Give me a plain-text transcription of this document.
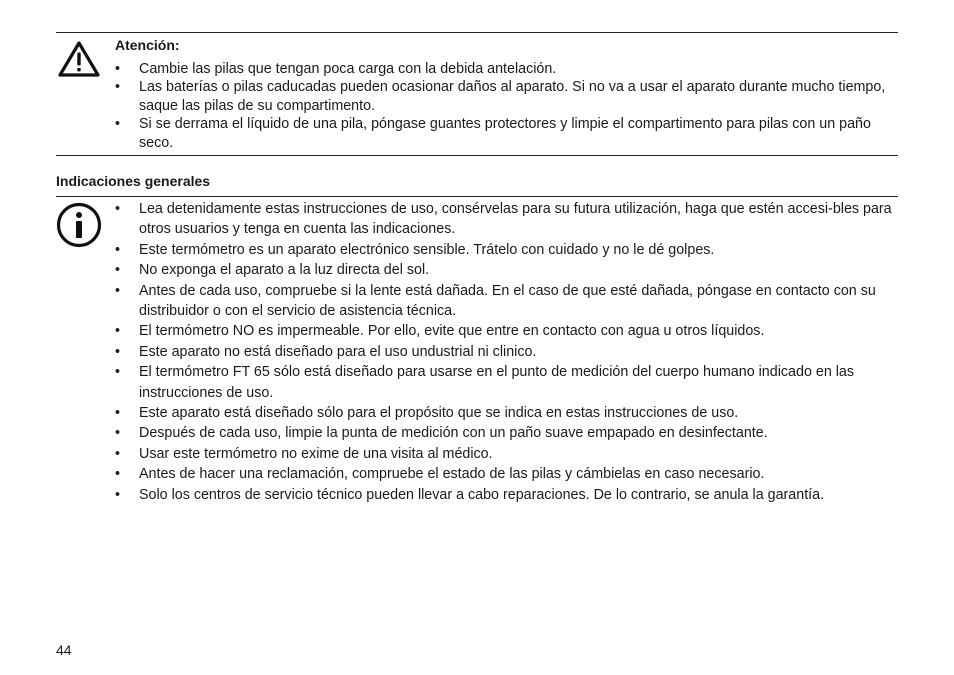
Atención:
• Cambie las pilas que tengan poca carga con la debida antelación.
• Las baterías o pilas caducadas pueden ocasionar daños al aparato. Si no va a usar el aparato durante mucho tiempo, saque las pilas de su compartimento.
• Si se derrama el líquido de una pila, póngase guantes protectores y limpie el compartimento para pilas con un paño seco.
Indicaciones generales
• Lea detenidamente estas instrucciones de uso, consérvelas para su futura utilización, haga que estén accesi-bles para otros usuarios y tenga en cuenta las indicaciones.
• Este termómetro es un aparato electrónico sensible. Trátelo con cuidado y no le dé golpes.
• No exponga el aparato a la luz directa del sol.
• Antes de cada uso, compruebe si la lente está dañada. En el caso de que esté dañada, póngase en contacto con su distribuidor o con el servicio de asistencia técnica.
• El termómetro NO es impermeable. Por ello, evite que entre en contacto con agua u otros líquidos.
• Este aparato no está diseñado para el uso undustrial ni clinico.
• El termómetro FT 65 sólo está diseñado para usarse en el punto de medición del cuerpo humano indicado en las instrucciones de uso.
• Este aparato está diseñado sólo para el propósito que se indica en estas instrucciones de uso.
• Después de cada uso, limpie la punta de medición con un paño suave empapado en desinfectante.
• Usar este termómetro no exime de una visita al médico.
• Antes de hacer una reclamación, compruebe el estado de las pilas y cámbielas en caso necesario.
• Solo los centros de servicio técnico pueden llevar a cabo reparaciones. De lo contrario, se anula la garantía.
44
